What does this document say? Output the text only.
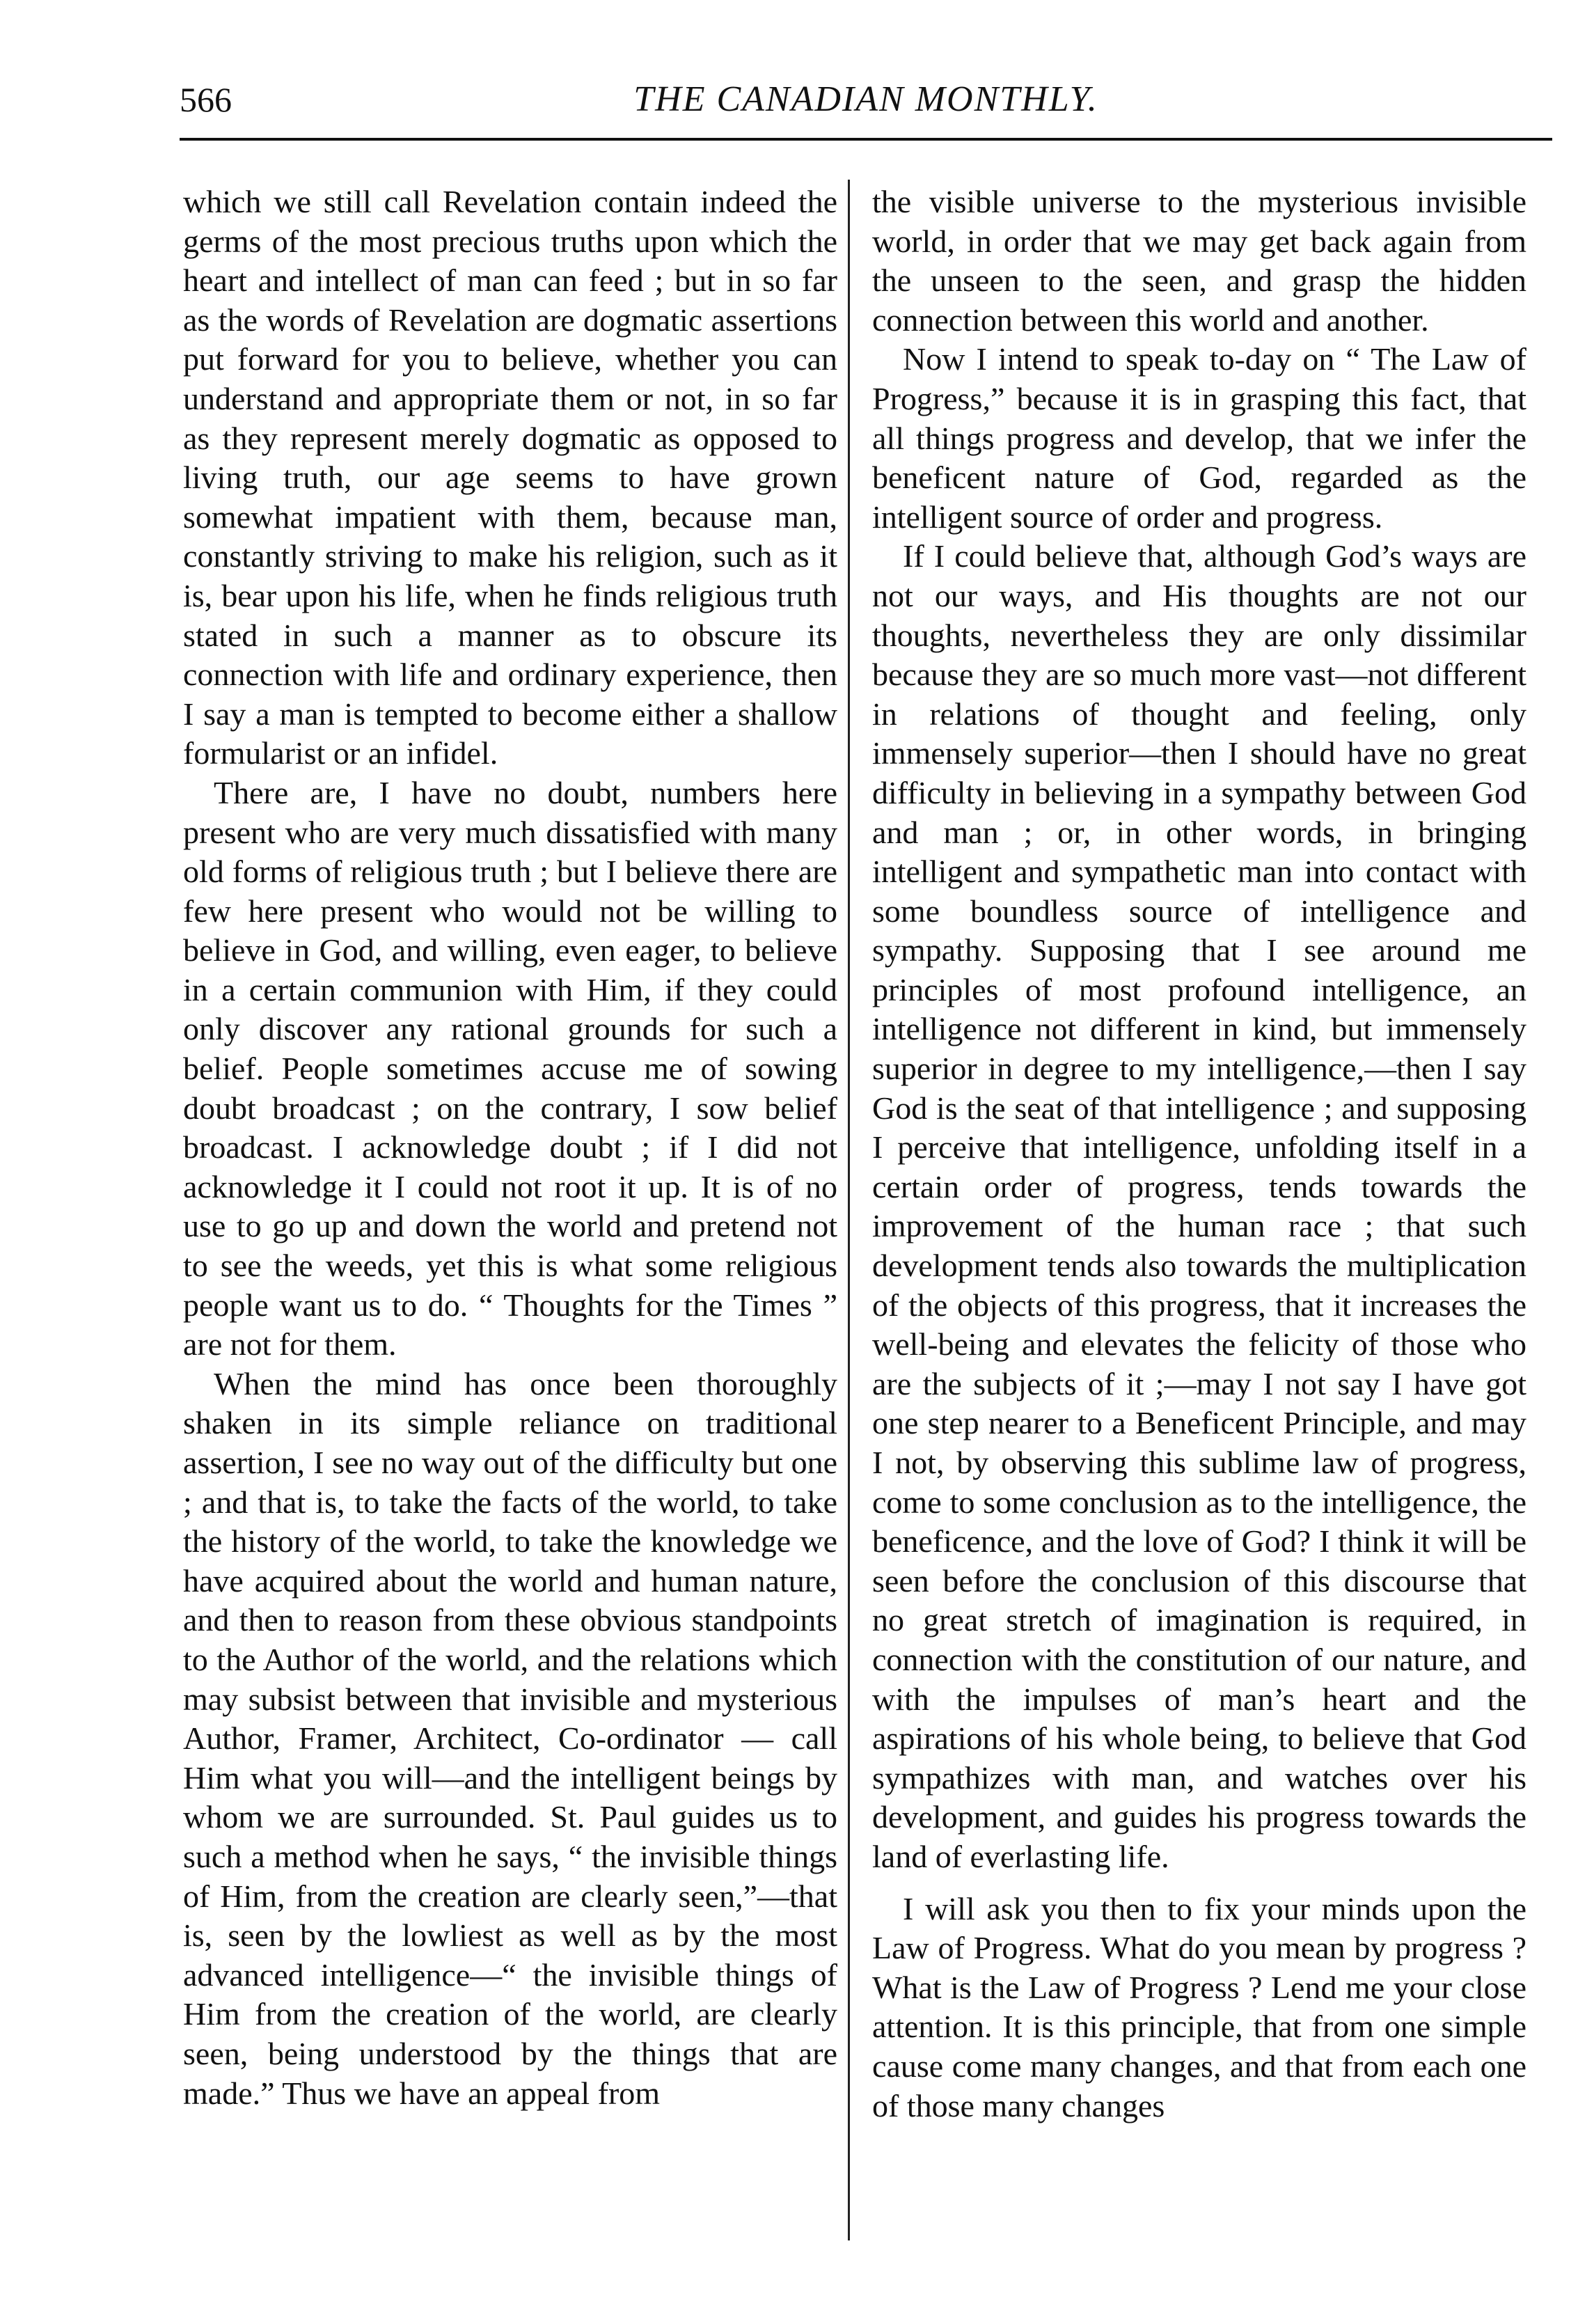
566	THE CANADIAN MONTHLY.

which we still call Revelation contain indeed the germs of the most precious truths upon which the heart and intellect of man can feed ; but in so far as the words of Revelation are dogmatic assertions put forward for you to believe, whether you can understand and appropriate them or not, in so far as they represent merely dogmatic as opposed to living truth, our age seems to have grown somewhat impatient with them, because man, constantly striving to make his religion, such as it is, bear upon his life, when he finds religious truth stated in such a manner as to obscure its connection with life and ordinary experience, then I say a man is tempted to become either a shallow formularist or an infidel.

There are, I have no doubt, numbers here present who are very much dissatisfied with many old forms of religious truth ; but I believe there are few here present who would not be willing to believe in God, and willing, even eager, to believe in a certain communion with Him, if they could only discover any rational grounds for such a belief. People sometimes accuse me of sowing doubt broadcast ; on the contrary, I sow belief broadcast. I acknowledge doubt ; if I did not acknowledge it I could not root it up. It is of no use to go up and down the world and pretend not to see the weeds, yet this is what some religious people want us to do. “ Thoughts for the Times ” are not for them.

When the mind has once been thoroughly shaken in its simple reliance on traditional assertion, I see no way out of the difficulty but one ; and that is, to take the facts of the world, to take the history of the world, to take the knowledge we have acquired about the world and human nature, and then to reason from these obvious standpoints to the Author of the world, and the relations which may subsist between that invisible and mysterious Author, Framer, Architect, Co-ordinator — call Him what you will—and the intelligent beings by whom we are surrounded. St. Paul guides us to such a method when he says, “ the invisible things of Him, from the creation are clearly seen,”—that is, seen by the lowliest as well as by the most advanced intelligence—“ the invisible things of Him from the creation of the world, are clearly seen, being understood by the things that are made.” Thus we have an appeal from

the visible universe to the mysterious invisible world, in order that we may get back again from the unseen to the seen, and grasp the hidden connection between this world and another.

Now I intend to speak to-day on “ The Law of Progress,” because it is in grasping this fact, that all things progress and develop, that we infer the beneficent nature of God, regarded as the intelligent source of order and progress.

If I could believe that, although God’s ways are not our ways, and His thoughts are not our thoughts, nevertheless they are only dissimilar because they are so much more vast—not different in relations of thought and feeling, only immensely superior—then I should have no great difficulty in believing in a sympathy between God and man ; or, in other words, in bringing intelligent and sympathetic man into contact with some boundless source of intelligence and sympathy. Supposing that I see around me principles of most profound intelligence, an intelligence not different in kind, but immensely superior in degree to my intelligence,—then I say God is the seat of that intelligence ; and supposing I perceive that intelligence, unfolding itself in a certain order of progress, tends towards the improvement of the human race ; that such development tends also towards the multiplication of the objects of this progress, that it increases the well-being and elevates the felicity of those who are the subjects of it ;—may I not say I have got one step nearer to a Beneficent Principle, and may I not, by observing this sublime law of progress, come to some conclusion as to the intelligence, the beneficence, and the love of God? I think it will be seen before the conclusion of this discourse that no great stretch of imagination is required, in connection with the constitution of our nature, and with the impulses of man’s heart and the aspirations of his whole being, to believe that God sympathizes with man, and watches over his development, and guides his progress towards the land of everlasting life.

I will ask you then to fix your minds upon the Law of Progress. What do you mean by progress ? What is the Law of Progress ? Lend me your close attention. It is this principle, that from one simple cause come many changes, and that from each one of those many changes
